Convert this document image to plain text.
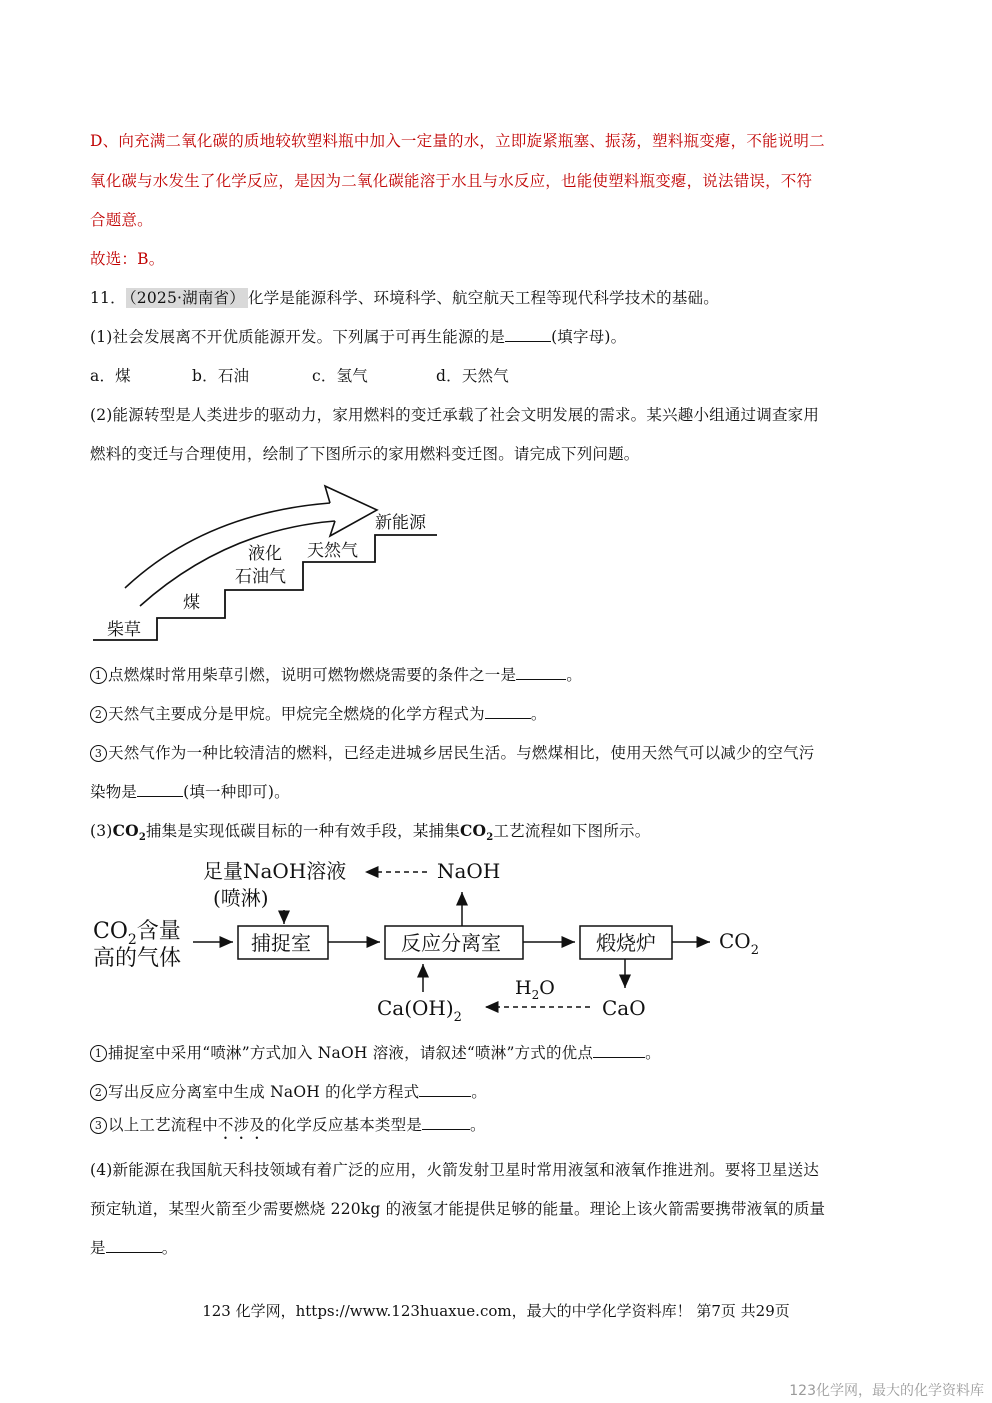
D、向充满二氧化碳的质地较软塑料瓶中加入一定量的水，立即旋紧瓶塞、振荡，塑料瓶变瘪，不能说明二
氧化碳与水发生了化学反应，是因为二氧化碳能溶于水且与水反应，也能使塑料瓶变瘪，说法错误，不符
合题意。
故选：B。
11． （2025·湖南省） 化学是能源科学、环境科学、航空航天工程等现代科学技术的基础。
(1)社会发展离不开优质能源开发。下列属于可再生能源的是	(填字母)。
a．煤	b．石油	c．氢气	d．天然气
(2)能源转型是人类进步的驱动力，家用燃料的变迁承载了社会文明发展的需求。某兴趣小组通过调查家用
燃料的变迁与合理使用，绘制了下图所示的家用燃料变迁图。请完成下列问题。
柴草
煤
液化
石油气
天然气
新能源
1 点燃煤时常用柴草引燃，说明可燃物燃烧需要的条件之一是	。
2 天然气主要成分是甲烷。甲烷完全燃烧的化学方程式为	。
3 天然气作为一种比较清洁的燃料，已经走进城乡居民生活。与燃煤相比，使用天然气可以减少的空气污
染物是	(填一种即可)。
$(3)CO_2$捕集是实现低碳目标的一种有效手段，某捕集$CO_2$工艺流程如下图所示。
足量NaOH溶液
(喷淋)
NaOH
$CO_2$含量
高的气体
捕捉室	反应分离室	煅烧炉	$CO_2$
CaO
$H_2O$
$Ca(OH)_2$
1 捕捉室中采用“喷淋”方式加入 NaOH 溶液，请叙述“喷淋”方式的优点	。
2 写出反应分离室中生成 NaOH 的化学方程式	。
3 以上工艺流程中不涉及的化学反应基本类型是	。
(4)新能源在我国航天科技领域有着广泛的应用，火箭发射卫星时常用液氢和液氧作推进剂。要将卫星送达
预定轨道，某型火箭至少需要燃烧 220kg 的液氢才能提供足够的能量。理论上该火箭需要携带液氧的质量
是	。
123 化学网，https://www.123huaxue.com，最大的中学化学资料库！ 第7页 共29页
123化学网，最大的化学资料库
